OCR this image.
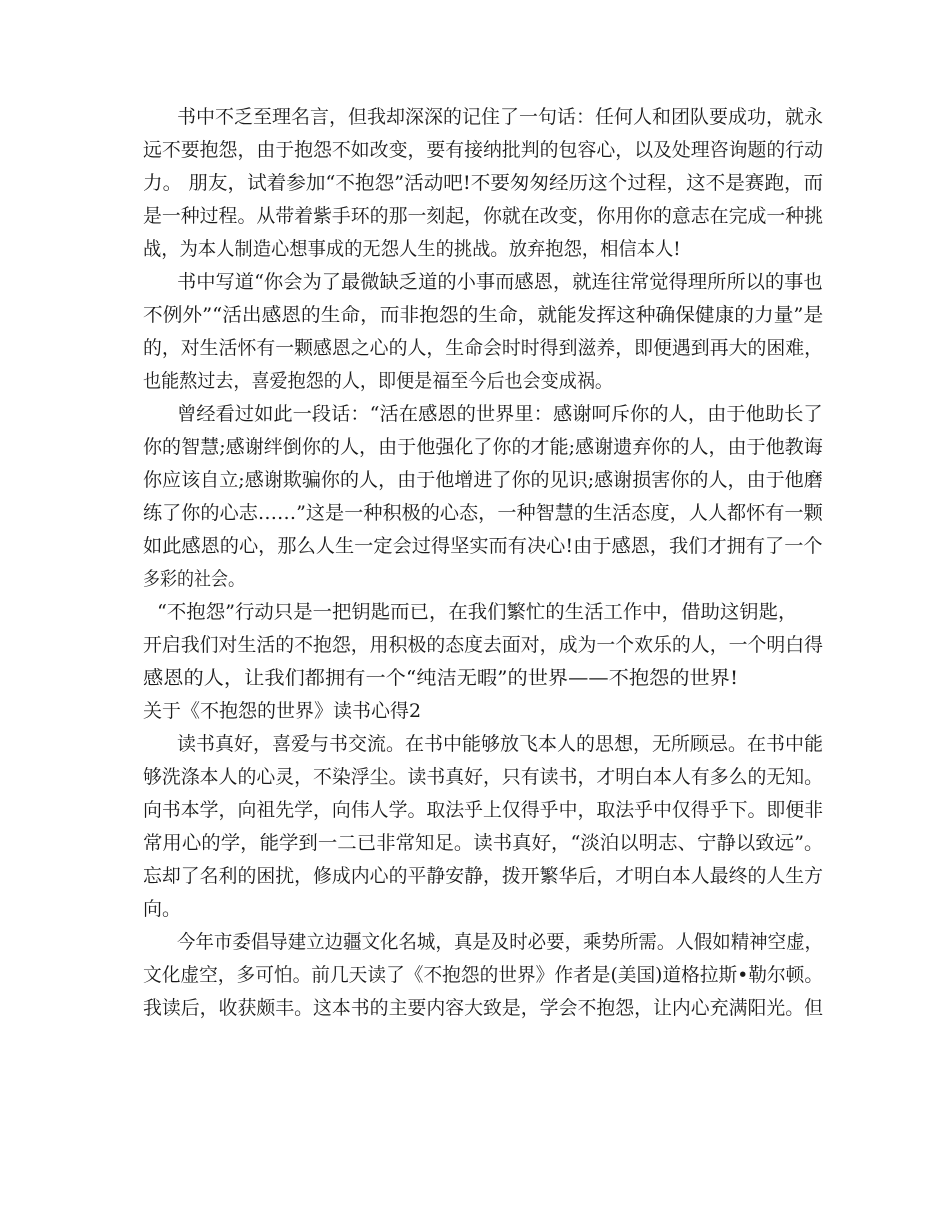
书中不乏至理名言，但我却深深的记住了一句话：任何人和团队要成功，就永
远不要抱怨，由于抱怨不如改变，要有接纳批判的包容心，以及处理咨询题的行动
力。 朋友，试着参加“不抱怨”活动吧!不要匆匆经历这个过程，这不是赛跑，而
是一种过程。从带着紫手环的那一刻起，你就在改变，你用你的意志在完成一种挑
战，为本人制造心想事成的无怨人生的挑战。放弃抱怨，相信本人!
书中写道“你会为了最微缺乏道的小事而感恩，就连往常觉得理所所以的事也
不例外”“活出感恩的生命，而非抱怨的生命，就能发挥这种确保健康的力量”是
的，对生活怀有一颗感恩之心的人，生命会时时得到滋养，即便遇到再大的困难，
也能熬过去，喜爱抱怨的人，即便是福至今后也会变成祸。
曾经看过如此一段话：“活在感恩的世界里：感谢呵斥你的人，由于他助长了
你的智慧;感谢绊倒你的人，由于他强化了你的才能;感谢遗弃你的人，由于他教诲
你应该自立;感谢欺骗你的人，由于他增进了你的见识;感谢损害你的人，由于他磨
练了你的心志……”这是一种积极的心态，一种智慧的生活态度，人人都怀有一颗
如此感恩的心，那么人生一定会过得坚实而有决心!由于感恩，我们才拥有了一个
多彩的社会。
“不抱怨”行动只是一把钥匙而已，在我们繁忙的生活工作中，借助这钥匙，
开启我们对生活的不抱怨，用积极的态度去面对，成为一个欢乐的人，一个明白得
感恩的人，让我们都拥有一个“纯洁无暇”的世界——不抱怨的世界!
关于《不抱怨的世界》读书心得2
读书真好，喜爱与书交流。在书中能够放飞本人的思想，无所顾忌。在书中能
够洗涤本人的心灵，不染浮尘。读书真好，只有读书，才明白本人有多么的无知。
向书本学，向祖先学，向伟人学。取法乎上仅得乎中，取法乎中仅得乎下。即便非
常用心的学，能学到一二已非常知足。读书真好，“淡泊以明志、宁静以致远”。
忘却了名利的困扰，修成内心的平静安静，拨开繁华后，才明白本人最终的人生方
向。
今年市委倡导建立边疆文化名城，真是及时必要，乘势所需。人假如精神空虚，
文化虚空，多可怕。前几天读了《不抱怨的世界》作者是(美国)道格拉斯•勒尔顿。
我读后，收获颇丰。这本书的主要内容大致是，学会不抱怨，让内心充满阳光。但
